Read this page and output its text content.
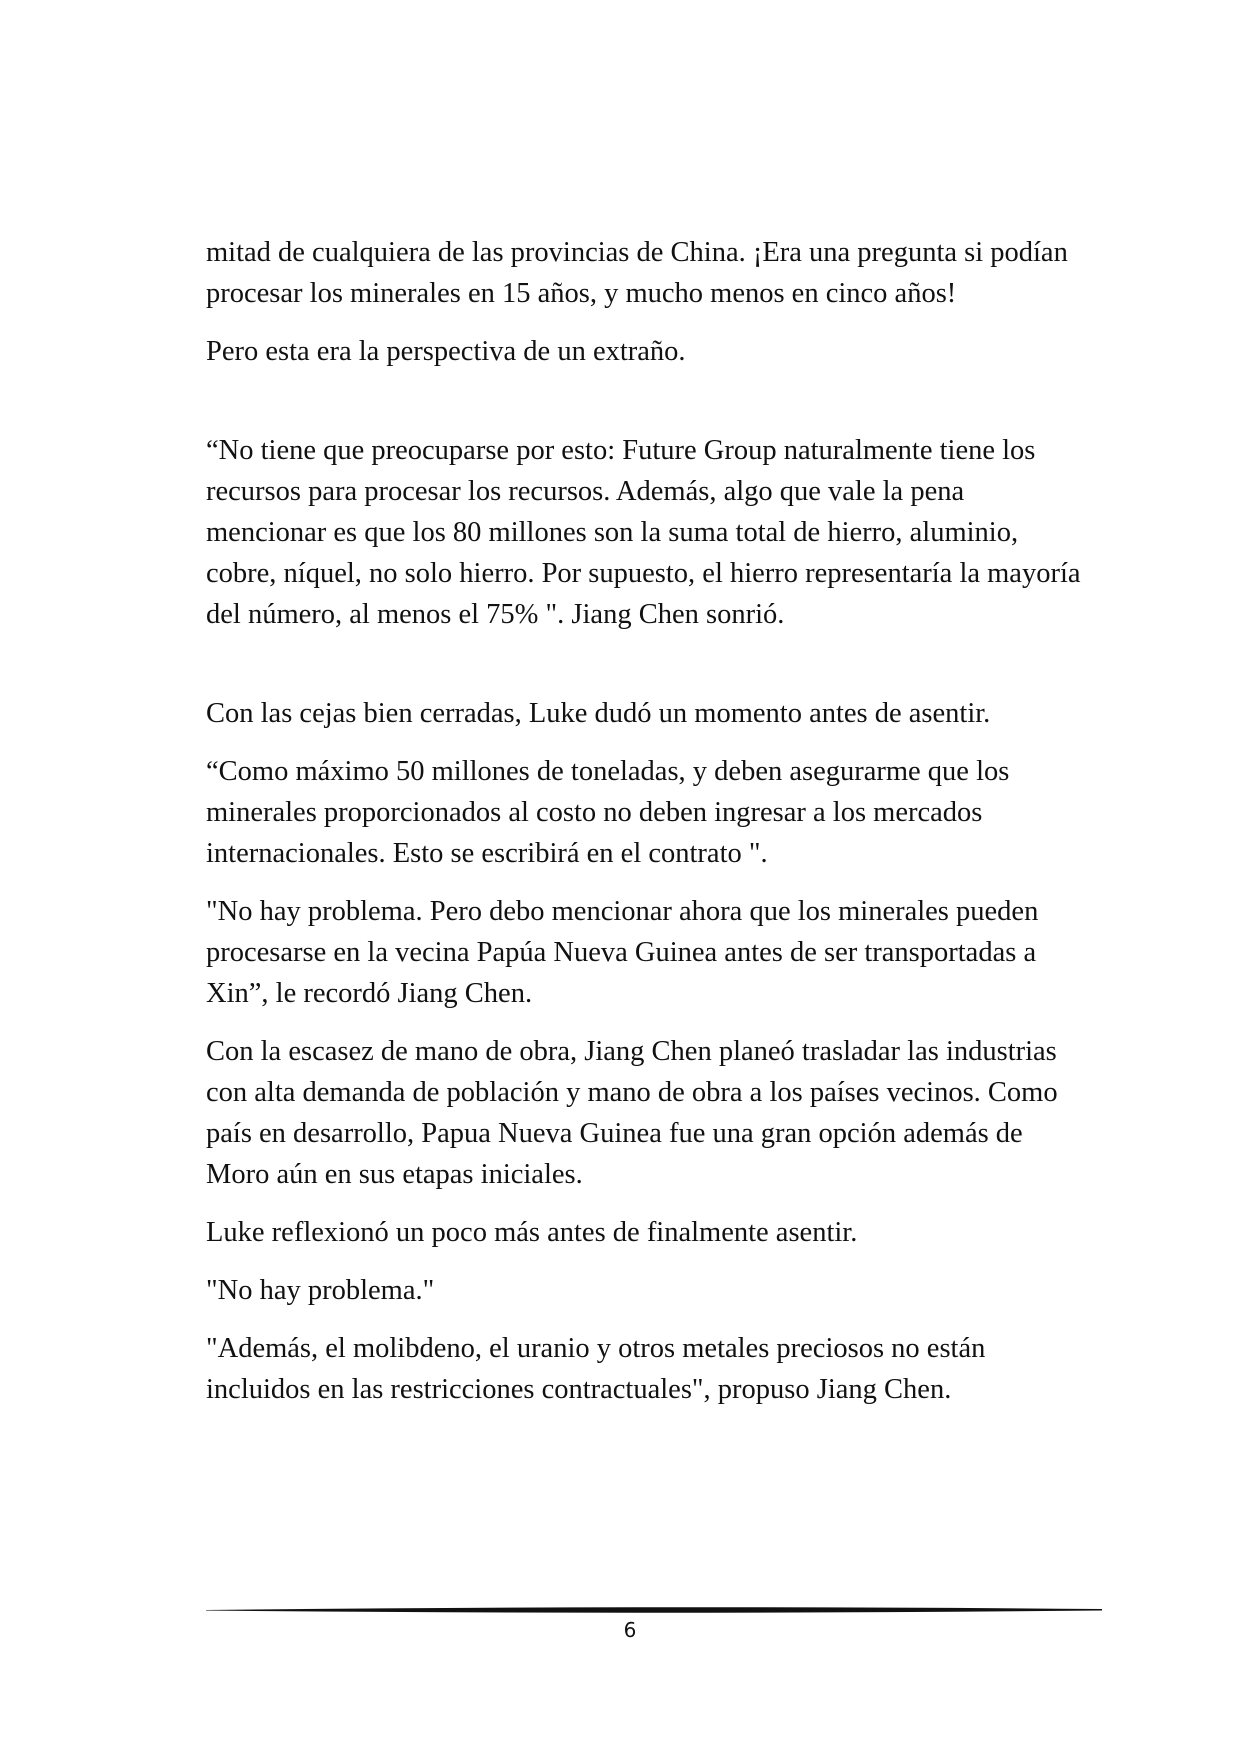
mitad de cualquiera de las provincias de China. ¡Era una pregunta si podían procesar los minerales en 15 años, y mucho menos en cinco años!

Pero esta era la perspectiva de un extraño.

“No tiene que preocuparse por esto: Future Group naturalmente tiene los recursos para procesar los recursos. Además, algo que vale la pena mencionar es que los 80 millones son la suma total de hierro, aluminio, cobre, níquel, no solo hierro. Por supuesto, el hierro representaría la mayoría del número, al menos el 75% ". Jiang Chen sonrió.

Con las cejas bien cerradas, Luke dudó un momento antes de asentir.

“Como máximo 50 millones de toneladas, y deben asegurarme que los minerales proporcionados al costo no deben ingresar a los mercados internacionales. Esto se escribirá en el contrato ".

"No hay problema. Pero debo mencionar ahora que los minerales pueden procesarse en la vecina Papúa Nueva Guinea antes de ser transportadas a Xin”, le recordó Jiang Chen.

Con la escasez de mano de obra, Jiang Chen planeó trasladar las industrias con alta demanda de población y mano de obra a los países vecinos. Como país en desarrollo, Papua Nueva Guinea fue una gran opción además de Moro aún en sus etapas iniciales.

Luke reflexionó un poco más antes de finalmente asentir.

"No hay problema."

"Además, el molibdeno, el uranio y otros metales preciosos no están incluidos en las restricciones contractuales", propuso Jiang Chen.

6
